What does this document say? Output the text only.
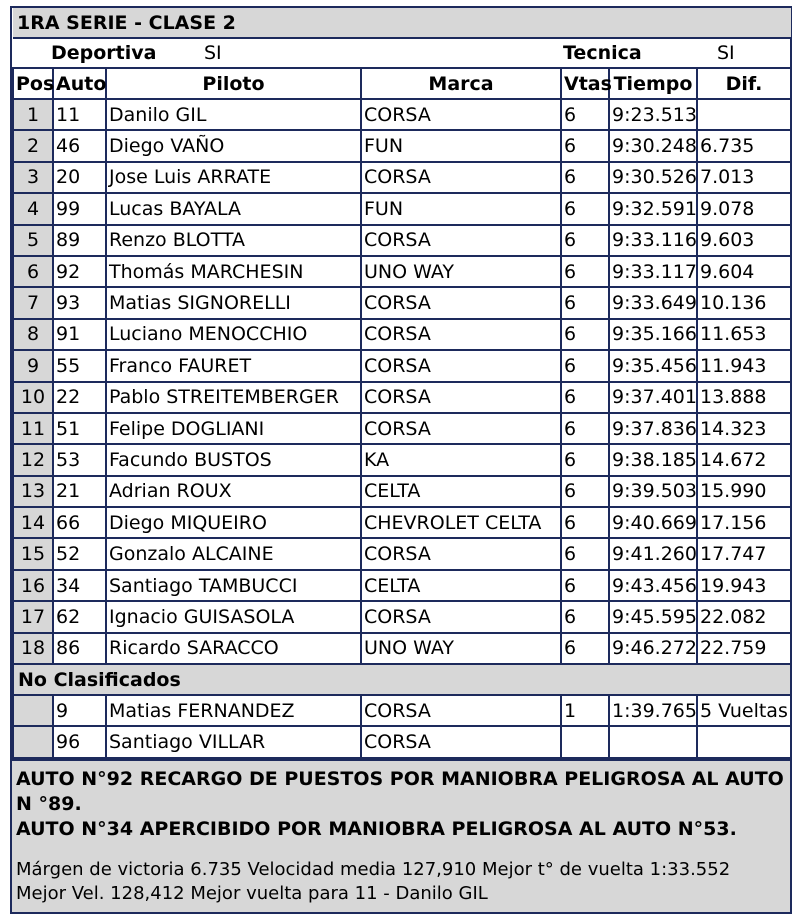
1RA SERIE - CLASE 2						
Deportiva		SI		Tecnica		SI
Pos	Auto	Piloto	Marca	Vtas	Tiempo	Dif.
1	11	Danilo GIL	CORSA	6	9:23.513	
2	46	Diego VAÑO	FUN	6	9:30.248	6.735
3	20	Jose Luis ARRATE	CORSA	6	9:30.526	7.013
4	99	Lucas BAYALA	FUN	6	9:32.591	9.078
5	89	Renzo BLOTTA	CORSA	6	9:33.116	9.603
6	92	Thomás MARCHESIN	UNO WAY	6	9:33.117	9.604
7	93	Matias SIGNORELLI	CORSA	6	9:33.649	10.136
8	91	Luciano MENOCCHIO	CORSA	6	9:35.166	11.653
9	55	Franco FAURET	CORSA	6	9:35.456	11.943
10	22	Pablo STREITEMBERGER	CORSA	6	9:37.401	13.888
11	51	Felipe DOGLIANI	CORSA	6	9:37.836	14.323
12	53	Facundo BUSTOS	KA	6	9:38.185	14.672
13	21	Adrian ROUX	CELTA	6	9:39.503	15.990
14	66	Diego MIQUEIRO	CHEVROLET CELTA	6	9:40.669	17.156
15	52	Gonzalo ALCAINE	CORSA	6	9:41.260	17.747
16	34	Santiago TAMBUCCI	CELTA	6	9:43.456	19.943
17	62	Ignacio GUISASOLA	CORSA	6	9:45.595	22.082
18	86	Ricardo SARACCO	UNO WAY	6	9:46.272	22.759
No Clasificados						
	9	Matias FERNANDEZ	CORSA	1	1:39.765	5 Vueltas
	96	Santiago VILLAR	CORSA			

AUTO N°92 RECARGO DE PUESTOS POR MANIOBRA PELIGROSA AL AUTO N °89.

AUTO N°34 APERCIBIDO POR MANIOBRA PELIGROSA AL AUTO N°53.

Márgen de victoria 6.735 Velocidad media 127,910 Mejor t° de vuelta 1:33.552 Mejor Vel. 128,412 Mejor vuelta para 11 - Danilo GIL
